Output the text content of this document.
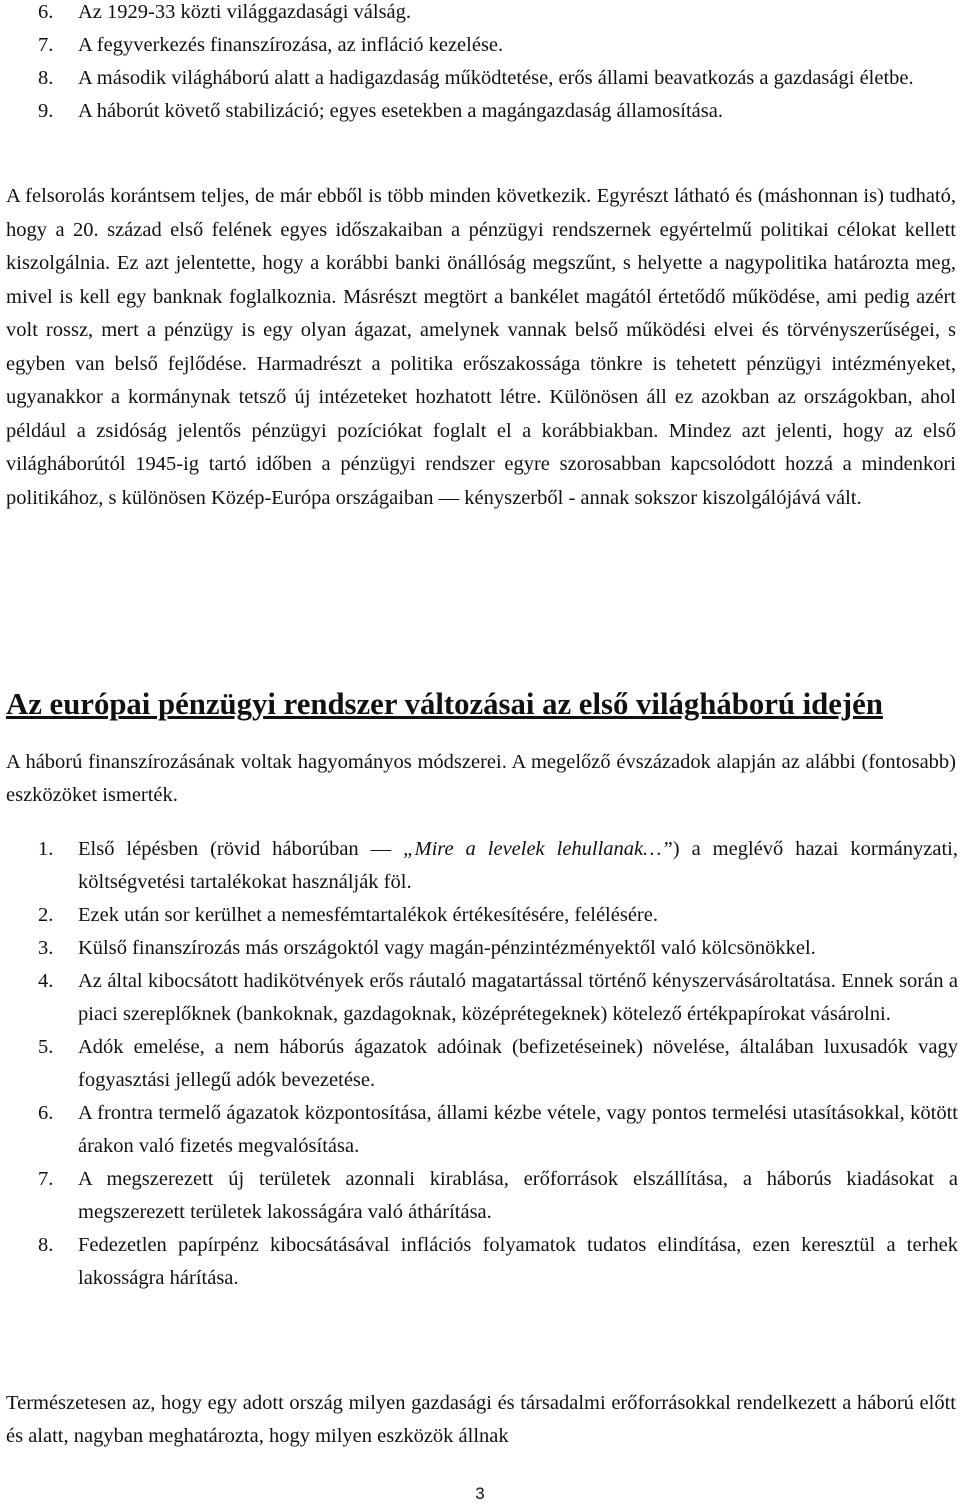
6. Az 1929-33 közti világgazdasági válság.
7. A fegyverkezés finanszírozása, az infláció kezelése.
8. A második világháború alatt a hadigazdaság működtetése, erős állami beavatkozás a gazdasági életbe.
9. A háborút követő stabilizáció; egyes esetekben a magángazdaság államosítása.

A felsorolás korántsem teljes, de már ebből is több minden következik. Egyrészt látható és (máshonnan is) tudható, hogy a 20. század első felének egyes időszakaiban a pénzügyi rendszernek egyértelmű politikai célokat kellett kiszolgálnia. Ez azt jelentette, hogy a korábbi banki önállóság megszűnt, s helyette a nagypolitika határozta meg, mivel is kell egy banknak foglalkoznia. Másrészt megtört a bankélet magától értetődő működése, ami pedig azért volt rossz, mert a pénzügy is egy olyan ágazat, amelynek vannak belső működési elvei és törvényszerűségei, s egyben van belső fejlődése. Harmadrészt a politika erőszakossága tönkre is tehetett pénzügyi intézményeket, ugyanakkor a kormánynak tetsző új intézeteket hozhatott létre. Különösen áll ez azokban az országokban, ahol például a zsidóság jelentős pénzügyi pozíciókat foglalt el a korábbiakban. Mindez azt jelenti, hogy az első világháborútól 1945-ig tartó időben a pénzügyi rendszer egyre szorosabban kapcsolódott hozzá a mindenkori politikához, s különösen Közép-Európa országaiban — kényszerből - annak sokszor kiszolgálójává vált.

Az európai pénzügyi rendszer változásai az első világháború idején

A háború finanszírozásának voltak hagyományos módszerei. A megelőző évszázadok alapján az alábbi (fontosabb) eszközöket ismerték.

1. Első lépésben (rövid háborúban — „Mire a levelek lehullanak…”) a meglévő hazai kormányzati, költségvetési tartalékokat használják föl.
2. Ezek után sor kerülhet a nemesfémtartalékok értékesítésére, felélésére.
3. Külső finanszírozás más országoktól vagy magán-pénzintézményektől való kölcsönökkel.
4. Az által kibocsátott hadikötvények erős ráutaló magatartással történő kényszervásároltatása. Ennek során a piaci szereplőknek (bankoknak, gazdagoknak, középrétegeknek) kötelező értékpapírokat vásárolni.
5. Adók emelése, a nem háborús ágazatok adóinak (befizetéseinek) növelése, általában luxusadók vagy fogyasztási jellegű adók bevezetése.
6. A frontra termelő ágazatok központosítása, állami kézbe vétele, vagy pontos termelési utasításokkal, kötött árakon való fizetés megvalósítása.
7. A megszerezett új területek azonnali kirablása, erőforrások elszállítása, a háborús kiadásokat a megszerezett területek lakosságára való áthárítása.
8. Fedezetlen papírpénz kibocsátásával inflációs folyamatok tudatos elindítása, ezen keresztül a terhek lakosságra hárítása.

Természetesen az, hogy egy adott ország milyen gazdasági és társadalmi erőforrásokkal rendelkezett a háború előtt és alatt, nagyban meghatározta, hogy milyen eszközök állnak

3
